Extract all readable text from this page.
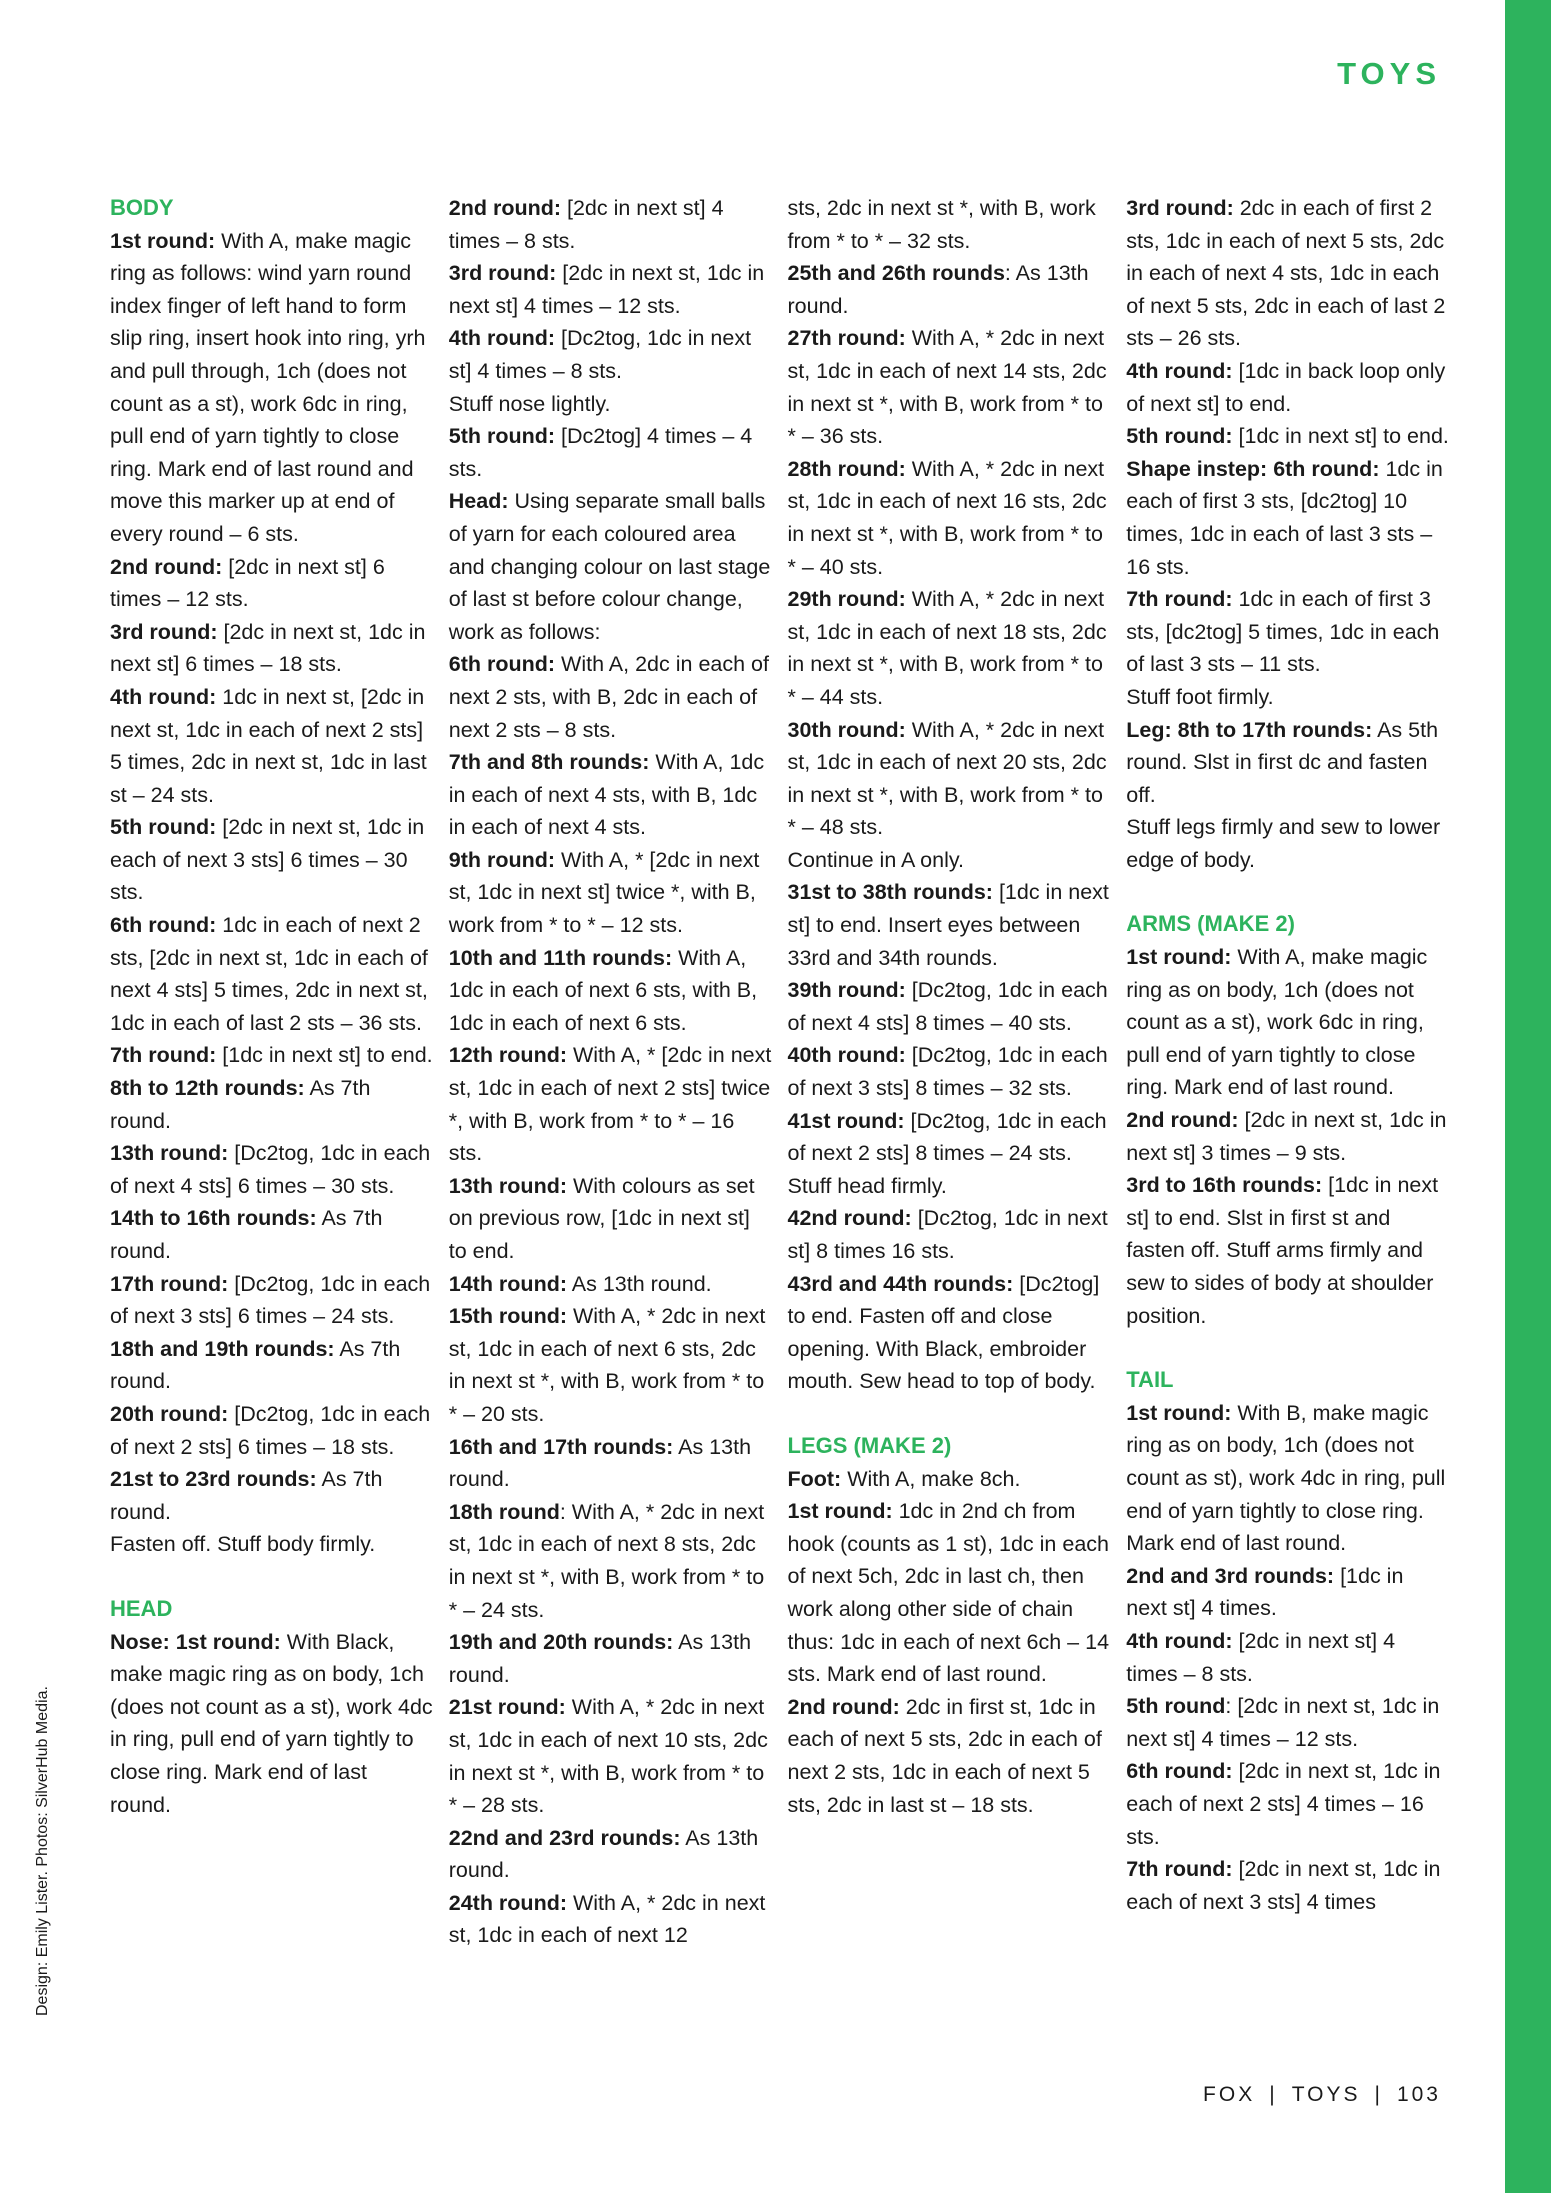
TOYS
BODY
1st round: With A, make magic ring as follows: wind yarn round index finger of left hand to form slip ring, insert hook into ring, yrh and pull through, 1ch (does not count as a st), work 6dc in ring, pull end of yarn tightly to close ring. Mark end of last round and move this marker up at end of every round – 6 sts.
2nd round: [2dc in next st] 6 times – 12 sts.
3rd round: [2dc in next st, 1dc in next st] 6 times – 18 sts.
4th round: 1dc in next st, [2dc in next st, 1dc in each of next 2 sts] 5 times, 2dc in next st, 1dc in last st – 24 sts.
5th round: [2dc in next st, 1dc in each of next 3 sts] 6 times – 30 sts.
6th round: 1dc in each of next 2 sts, [2dc in next st, 1dc in each of next 4 sts] 5 times, 2dc in next st, 1dc in each of last 2 sts – 36 sts.
7th round: [1dc in next st] to end.
8th to 12th rounds: As 7th round.
13th round: [Dc2tog, 1dc in each of next 4 sts] 6 times – 30 sts.
14th to 16th rounds: As 7th round.
17th round: [Dc2tog, 1dc in each of next 3 sts] 6 times – 24 sts.
18th and 19th rounds: As 7th round.
20th round: [Dc2tog, 1dc in each of next 2 sts] 6 times – 18 sts.
21st to 23rd rounds: As 7th round.
Fasten off. Stuff body firmly.
HEAD
Nose: 1st round: With Black, make magic ring as on body, 1ch (does not count as a st), work 4dc in ring, pull end of yarn tightly to close ring. Mark end of last round.
2nd round: [2dc in next st] 4 times – 8 sts.
3rd round: [2dc in next st, 1dc in next st] 4 times – 12 sts.
4th round: [Dc2tog, 1dc in next st] 4 times – 8 sts.
Stuff nose lightly.
5th round: [Dc2tog] 4 times – 4 sts.
Head: Using separate small balls of yarn for each coloured area and changing colour on last stage of last st before colour change, work as follows:
6th round: With A, 2dc in each of next 2 sts, with B, 2dc in each of next 2 sts – 8 sts.
7th and 8th rounds: With A, 1dc in each of next 4 sts, with B, 1dc in each of next 4 sts.
9th round: With A, * [2dc in next st, 1dc in next st] twice *, with B, work from * to * – 12 sts.
10th and 11th rounds: With A, 1dc in each of next 6 sts, with B, 1dc in each of next 6 sts.
12th round: With A, * [2dc in next st, 1dc in each of next 2 sts] twice *, with B, work from * to * – 16 sts.
13th round: With colours as set on previous row, [1dc in next st] to end.
14th round: As 13th round.
15th round: With A, * 2dc in next st, 1dc in each of next 6 sts, 2dc in next st *, with B, work from * to * – 20 sts.
16th and 17th rounds: As 13th round.
18th round: With A, * 2dc in next st, 1dc in each of next 8 sts, 2dc in next st *, with B, work from * to * – 24 sts.
19th and 20th rounds: As 13th round.
21st round: With A, * 2dc in next st, 1dc in each of next 10 sts, 2dc in next st *, with B, work from * to * – 28 sts.
22nd and 23rd rounds: As 13th round.
24th round: With A, * 2dc in next st, 1dc in each of next 12
sts, 2dc in next st *, with B, work from * to * – 32 sts.
25th and 26th rounds: As 13th round.
27th round: With A, * 2dc in next st, 1dc in each of next 14 sts, 2dc in next st *, with B, work from * to * – 36 sts.
28th round: With A, * 2dc in next st, 1dc in each of next 16 sts, 2dc in next st *, with B, work from * to * – 40 sts.
29th round: With A, * 2dc in next st, 1dc in each of next 18 sts, 2dc in next st *, with B, work from * to * – 44 sts.
30th round: With A, * 2dc in next st, 1dc in each of next 20 sts, 2dc in next st *, with B, work from * to * – 48 sts.
Continue in A only.
31st to 38th rounds: [1dc in next st] to end. Insert eyes between 33rd and 34th rounds.
39th round: [Dc2tog, 1dc in each of next 4 sts] 8 times – 40 sts.
40th round: [Dc2tog, 1dc in each of next 3 sts] 8 times – 32 sts.
41st round: [Dc2tog, 1dc in each of next 2 sts] 8 times – 24 sts. Stuff head firmly.
42nd round: [Dc2tog, 1dc in next st] 8 times 16 sts.
43rd and 44th rounds: [Dc2tog] to end. Fasten off and close opening. With Black, embroider mouth. Sew head to top of body.
LEGS (MAKE 2)
Foot: With A, make 8ch.
1st round: 1dc in 2nd ch from hook (counts as 1 st), 1dc in each of next 5ch, 2dc in last ch, then work along other side of chain thus: 1dc in each of next 6ch – 14 sts. Mark end of last round.
2nd round: 2dc in first st, 1dc in each of next 5 sts, 2dc in each of next 2 sts, 1dc in each of next 5 sts, 2dc in last st – 18 sts.
3rd round: 2dc in each of first 2 sts, 1dc in each of next 5 sts, 2dc in each of next 4 sts, 1dc in each of next 5 sts, 2dc in each of last 2 sts – 26 sts.
4th round: [1dc in back loop only of next st] to end.
5th round: [1dc in next st] to end.
Shape instep: 6th round: 1dc in each of first 3 sts, [dc2tog] 10 times, 1dc in each of last 3 sts – 16 sts.
7th round: 1dc in each of first 3 sts, [dc2tog] 5 times, 1dc in each of last 3 sts – 11 sts.
Stuff foot firmly.
Leg: 8th to 17th rounds: As 5th round. Slst in first dc and fasten off.
Stuff legs firmly and sew to lower edge of body.
ARMS (MAKE 2)
1st round: With A, make magic ring as on body, 1ch (does not count as a st), work 6dc in ring, pull end of yarn tightly to close ring. Mark end of last round.
2nd round: [2dc in next st, 1dc in next st] 3 times – 9 sts.
3rd to 16th rounds: [1dc in next st] to end. Slst in first st and fasten off. Stuff arms firmly and sew to sides of body at shoulder position.
TAIL
1st round: With B, make magic ring as on body, 1ch (does not count as st), work 4dc in ring, pull end of yarn tightly to close ring. Mark end of last round.
2nd and 3rd rounds: [1dc in next st] 4 times.
4th round: [2dc in next st] 4 times – 8 sts.
5th round: [2dc in next st, 1dc in next st] 4 times – 12 sts.
6th round: [2dc in next st, 1dc in each of next 2 sts] 4 times – 16 sts.
7th round: [2dc in next st, 1dc in each of next 3 sts] 4 times
Design: Emily Lister. Photos: SilverHub Media.
FOX | TOYS | 103
